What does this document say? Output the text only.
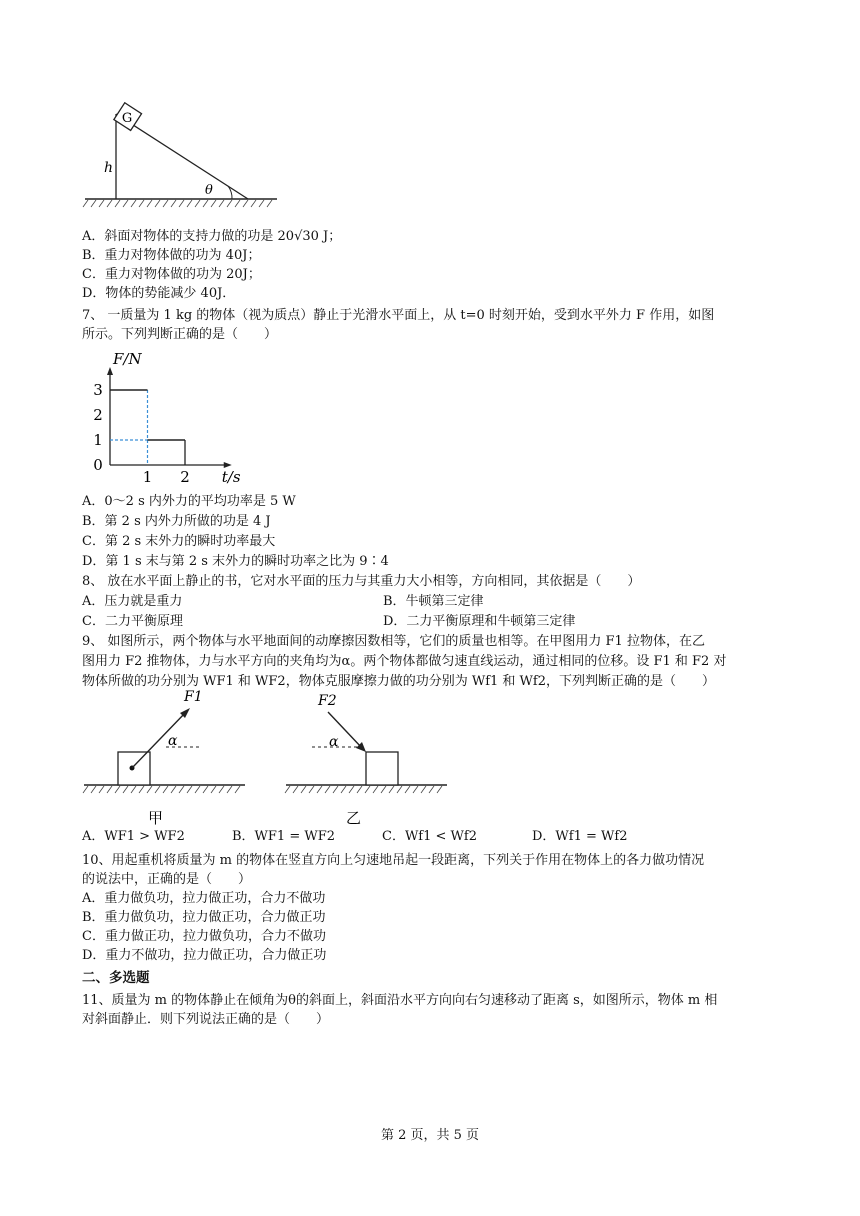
G
h
θ
A．斜面对物体的支持力做的功是 20√30 J；
B．重力对物体做的功为 40J；
C．重力对物体做的功为 20J；
D．物体的势能减少 40J．
7、 一质量为 1 kg 的物体（视为质点）静止于光滑水平面上，从 t=0 时刻开始，受到水平外力 F 作用，如图
所示。下列判断正确的是（　　）
0
1
2
3
1 2
F/N
t/s
A．0～2 s 内外力的平均功率是 5 W
B．第 2 s 内外力所做的功是 4 J
C．第 2 s 末外力的瞬时功率最大
D．第 1 s 末与第 2 s 末外力的瞬时功率之比为 9∶4
8、 放在水平面上静止的书，它对水平面的压力与其重力大小相等，方向相同，其依据是（　　）
A．压力就是重力	B．牛顿第三定律
C．二力平衡原理	D．二力平衡原理和牛顿第三定律
9、 如图所示，两个物体与水平地面间的动摩擦因数相等，它们的质量也相等。在甲图用力 F1 拉物体，在乙
图用力 F2 推物体，力与水平方向的夹角均为α。两个物体都做匀速直线运动，通过相同的位移。设 F1 和 F2 对
物体所做的功分别为 WF1 和 WF2，物体克服摩擦力做的功分别为 Wf1 和 Wf2，下列判断正确的是（　　）
F1
α
甲
F2
α
乙
A．WF1 > WF2	B．WF1 = WF2	C．Wf1 < Wf2	D．Wf1 = Wf2
10、用起重机将质量为 m 的物体在竖直方向上匀速地吊起一段距离，下列关于作用在物体上的各力做功情况
的说法中，正确的是（　　）
A．重力做负功，拉力做正功，合力不做功
B．重力做负功，拉力做正功，合力做正功
C．重力做正功，拉力做负功，合力不做功
D．重力不做功，拉力做正功，合力做正功
二、多选题
11、质量为 m 的物体静止在倾角为θ的斜面上，斜面沿水平方向向右匀速移动了距离 s，如图所示，物体 m 相
对斜面静止．则下列说法正确的是（　　）
第 2 页，共 5 页
